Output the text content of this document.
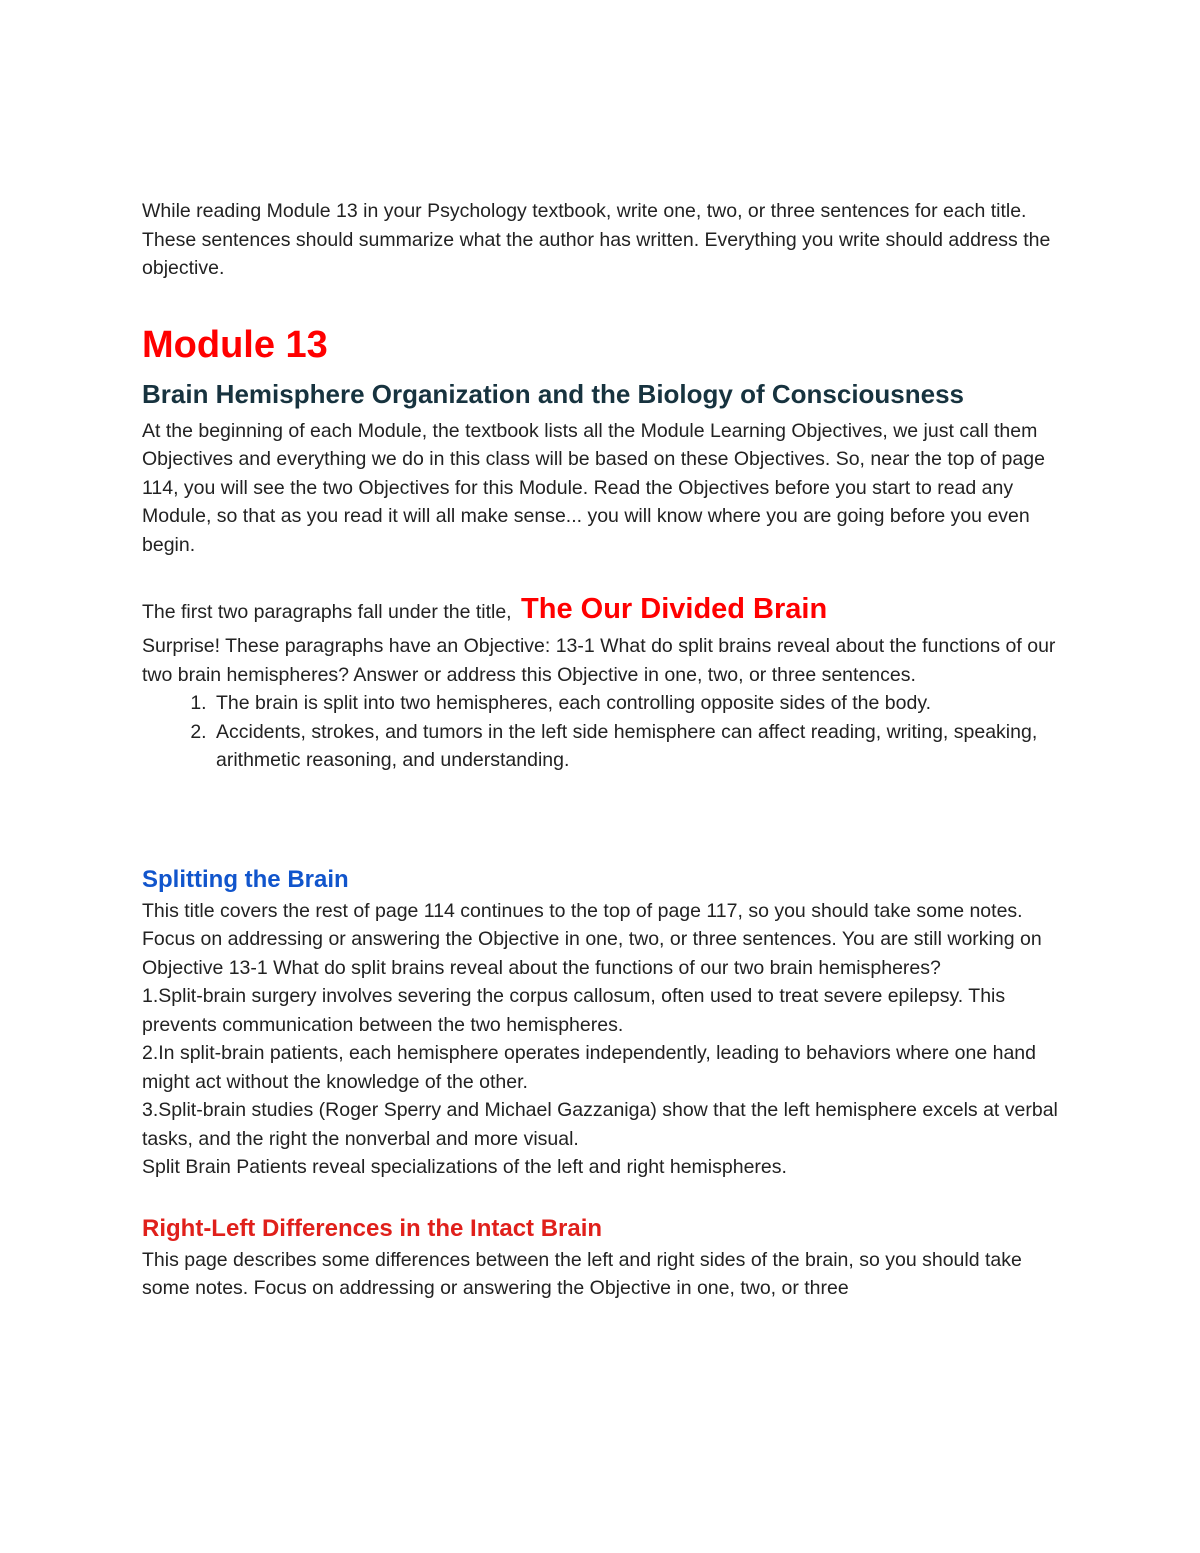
While reading Module 13 in your Psychology textbook, write one, two, or three sentences for each title. These sentences should summarize what the author has written. Everything you write should address the objective.

Module 13
Brain Hemisphere Organization and the Biology of Consciousness

At the beginning of each Module, the textbook lists all the Module Learning Objectives, we just call them Objectives and everything we do in this class will be based on these Objectives. So, near the top of page 114, you will see the two Objectives for this Module. Read the Objectives before you start to read any Module, so that as you read it will all make sense... you will know where you are going before you even begin.

The first two paragraphs fall under the title, The Our Divided Brain

Surprise! These paragraphs have an Objective: 13-1 What do split brains reveal about the functions of our two brain hemispheres? Answer or address this Objective in one, two, or three sentences.

1. The brain is split into two hemispheres, each controlling opposite sides of the body.
2. Accidents, strokes, and tumors in the left side hemisphere can affect reading, writing, speaking, arithmetic reasoning, and understanding.
Splitting the Brain

This title covers the rest of page 114 continues to the top of page 117, so you should take some notes. Focus on addressing or answering the Objective in one, two, or three sentences. You are still working on Objective 13-1 What do split brains reveal about the functions of our two brain hemispheres?

1.Split-brain surgery involves severing the corpus callosum, often used to treat severe epilepsy. This prevents communication between the two hemispheres.

2.In split-brain patients, each hemisphere operates independently, leading to behaviors where one hand might act without the knowledge of the other.

3.Split-brain studies (Roger Sperry and Michael Gazzaniga) show that the left hemisphere excels at verbal tasks, and the right the nonverbal and more visual.

Split Brain Patients reveal specializations of the left and right hemispheres.

Right-Left Differences in the Intact Brain

This page describes some differences between the left and right sides of the brain, so you should take some notes. Focus on addressing or answering the Objective in one, two, or three
